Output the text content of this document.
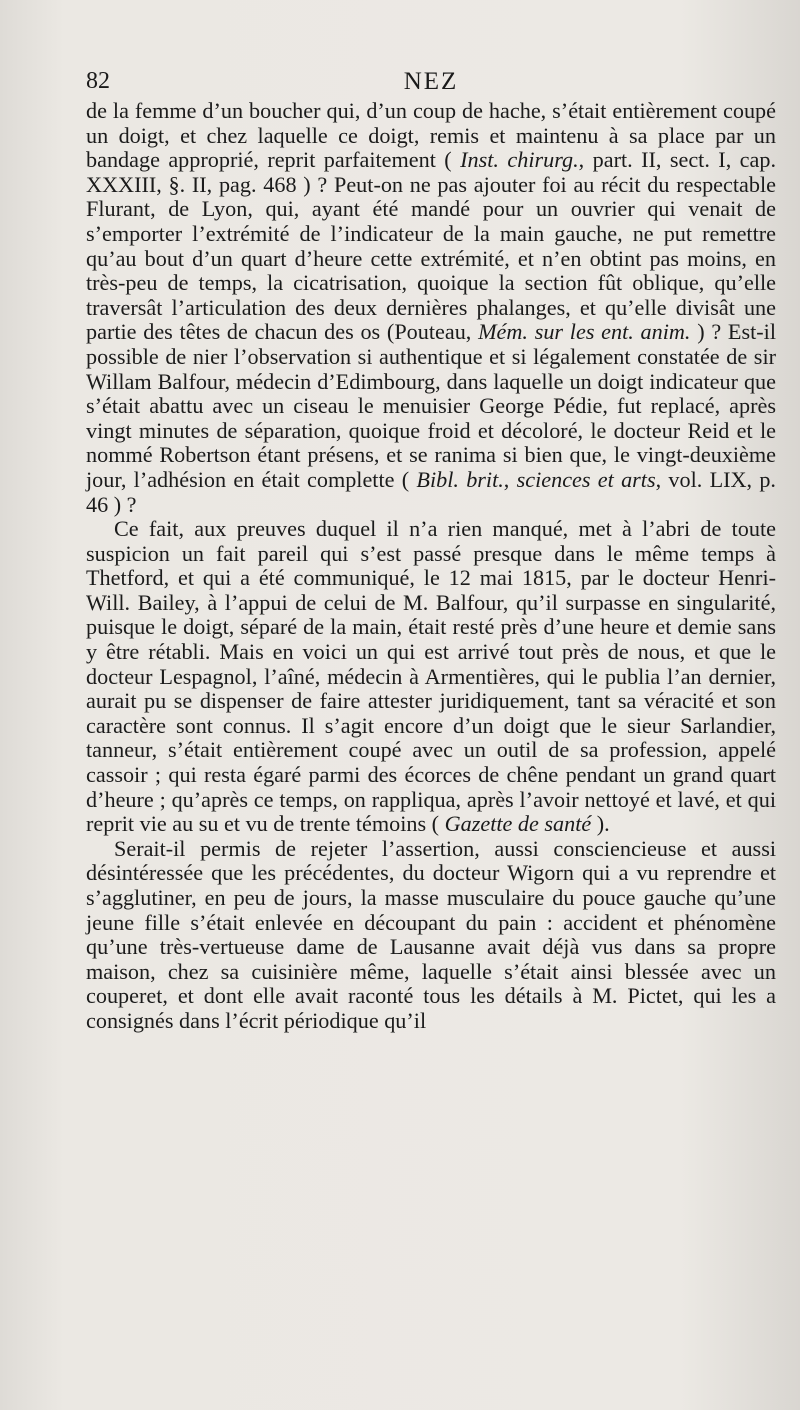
82	NEZ

de la femme d’un boucher qui, d’un coup de hache, s’était entièrement coupé un doigt, et chez laquelle ce doigt, remis et maintenu à sa place par un bandage approprié, reprit parfaitement ( Inst. chirurg., part. II, sect. I, cap. XXXIII, §. II, pag. 468 ) ? Peut-on ne pas ajouter foi au récit du respectable Flurant, de Lyon, qui, ayant été mandé pour un ouvrier qui venait de s’emporter l’extrémité de l’indicateur de la main gauche, ne put remettre qu’au bout d’un quart d’heure cette extrémité, et n’en obtint pas moins, en très-peu de temps, la cicatrisation, quoique la section fût oblique, qu’elle traversât l’articulation des deux dernières phalanges, et qu’elle divisât une partie des têtes de chacun des os (Pouteau, Mém. sur les ent. anim. ) ? Est-il possible de nier l’observation si authentique et si légalement constatée de sir Willam Balfour, médecin d’Edimbourg, dans laquelle un doigt indicateur que s’était abattu avec un ciseau le menuisier George Pédie, fut replacé, après vingt minutes de séparation, quoique froid et décoloré, le docteur Reid et le nommé Robertson étant présens, et se ranima si bien que, le vingt-deuxième jour, l’adhésion en était complette ( Bibl. brit., sciences et arts, vol. LIX, p. 46 ) ?

Ce fait, aux preuves duquel il n’a rien manqué, met à l’abri de toute suspicion un fait pareil qui s’est passé presque dans le même temps à Thetford, et qui a été communiqué, le 12 mai 1815, par le docteur Henri-Will. Bailey, à l’appui de celui de M. Balfour, qu’il surpasse en singularité, puisque le doigt, séparé de la main, était resté près d’une heure et demie sans y être rétabli. Mais en voici un qui est arrivé tout près de nous, et que le docteur Lespagnol, l’aîné, médecin à Armentières, qui le publia l’an dernier, aurait pu se dispenser de faire attester juridiquement, tant sa véracité et son caractère sont connus. Il s’agit encore d’un doigt que le sieur Sarlandier, tanneur, s’était entièrement coupé avec un outil de sa profession, appelé cassoir ; qui resta égaré parmi des écorces de chêne pendant un grand quart d’heure ; qu’après ce temps, on rappliqua, après l’avoir nettoyé et lavé, et qui reprit vie au su et vu de trente témoins ( Gazette de santé ).

Serait-il permis de rejeter l’assertion, aussi consciencieuse et aussi désintéressée que les précédentes, du docteur Wigorn qui a vu reprendre et s’agglutiner, en peu de jours, la masse musculaire du pouce gauche qu’une jeune fille s’était enlevée en découpant du pain : accident et phénomène qu’une très-vertueuse dame de Lausanne avait déjà vus dans sa propre maison, chez sa cuisinière même, laquelle s’était ainsi blessée avec un couperet, et dont elle avait raconté tous les détails à M. Pictet, qui les a consignés dans l’écrit périodique qu’il
